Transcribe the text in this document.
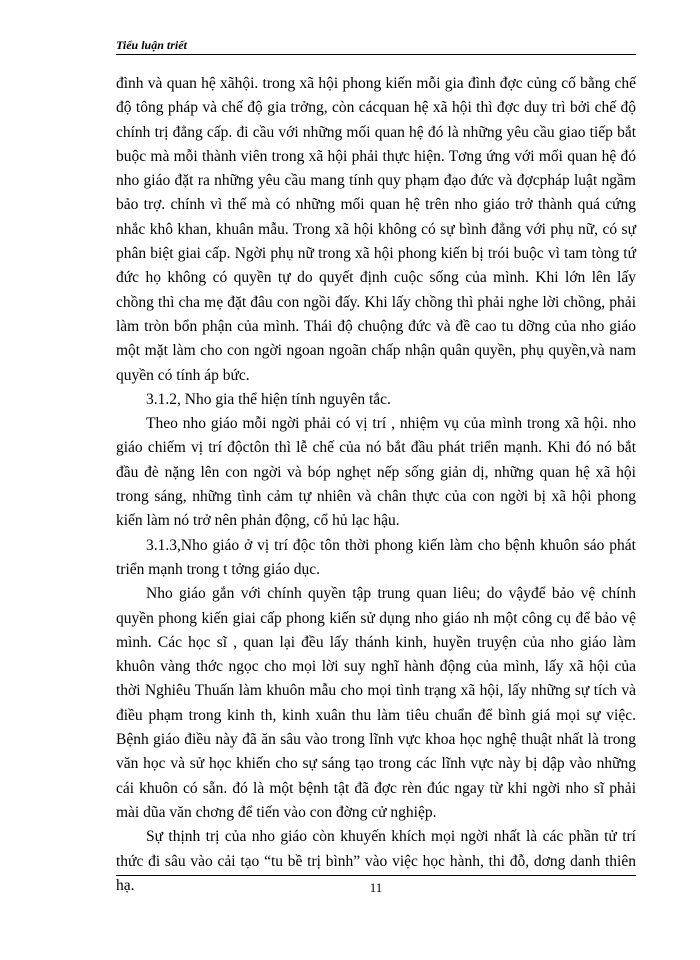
Tiểu luận triết

đình và quan hệ xãhội. trong xã hội phong kiến mỗi gia đình đợc củng cố bằng chế độ tông pháp và chế độ gia trởng, còn cácquan hệ xã hội thì đợc duy trì bởi chế độ chính trị đẳng cấp. đi cầu với những mối quan hệ đó là những yêu cầu giao tiếp bắt buộc mà mỗi thành viên trong xã hội phải thực hiện. Tơng ứng với mối quan hệ đó nho giáo đặt ra những yêu cầu mang tính quy phạm đạo đức và đợcpháp luật ngầm bảo trợ. chính vì thế mà có những mối quan hệ trên nho giáo trở thành quá cứng nhắc khô khan, khuân mẫu. Trong xã hội không có sự bình đẳng với phụ nữ, có sự phân biệt giai cấp. Ngời phụ nữ trong xã hội phong kiến bị trói buộc vì tam tòng tứ đức họ không có quyền tự do quyết định cuộc sống của mình. Khi lớn lên lấy chồng thì cha mẹ đặt đâu con ngồi đấy. Khi lấy chồng thì phải nghe lời chồng, phải làm tròn bổn phận của mình. Thái độ chuộng đức và đề cao tu dỡng của nho giáo một mặt làm cho con ngời ngoan ngoãn chấp nhận quân quyền, phụ quyền,và nam quyền có tính áp bức.

3.1.2, Nho gia thể hiện tính nguyên tắc.

Theo nho giáo mỗi ngời phải có vị trí , nhiệm vụ của mình trong xã hội. nho giáo chiếm vị trí độctôn thì lễ chế của nó bắt đầu phát triển mạnh. Khi đó nó bắt đầu đè nặng lên con ngời và bóp nghẹt nếp sống giản dị, những quan hệ xã hội trong sáng, những tình cảm tự nhiên và chân thực của con ngời bị xã hội phong kiến làm nó trở nên phản động, cổ hủ lạc hậu.

3.1.3,Nho giáo ở vị trí độc tôn thời phong kiến làm cho bệnh khuôn sáo phát triển mạnh trong t tởng giáo dục.

Nho giáo gắn với chính quyền tập trung quan liêu; do vậyđể bảo vệ chính quyền phong kiến giai cấp phong kiến sử dụng nho giáo nh một công cụ để bảo vệ mình. Các học sĩ , quan lại đều lấy thánh kinh, huyền truyện của nho giáo làm khuôn vàng thớc ngọc cho mọi lời suy nghĩ hành động của mình, lấy xã hội của thời Nghiêu Thuấn làm khuôn mẫu cho mọi tình trạng xã hội, lấy những sự tích và điều phạm trong kinh th, kinh xuân thu làm tiêu chuẩn để bình giá mọi sự việc. Bệnh giáo điều này đã ăn sâu vào trong lĩnh vực khoa học nghệ thuật nhất là trong văn học và sử học khiến cho sự sáng tạo trong các lĩnh vực này bị dập vào những cái khuôn có sẵn. đó là một bệnh tật đã đợc rèn đúc ngay từ khi ngời nho sĩ phải mài dũa văn chơng để tiến vào con đờng cử nghiệp.

Sự thịnh trị của nho giáo còn khuyến khích mọi ngời nhất là các phần tử trí thức đi sâu vào cải tạo “tu bề trị bình” vào việc học hành, thi đỗ, dơng danh thiên hạ.	11
